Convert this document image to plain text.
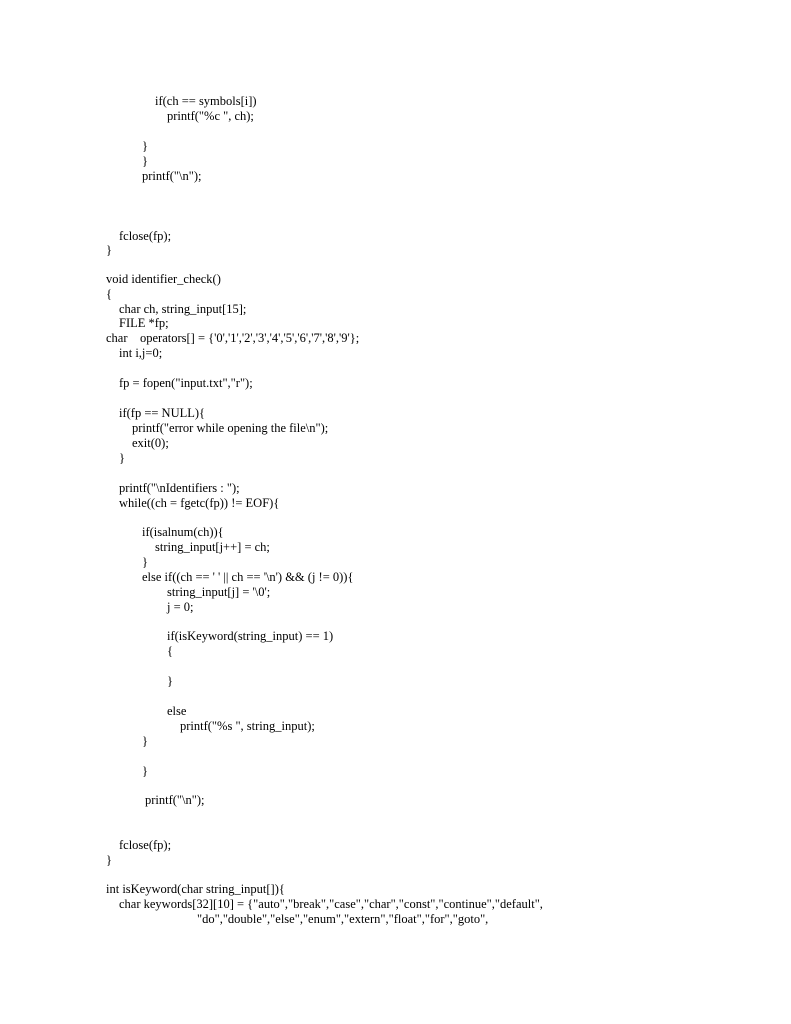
if(ch == symbols[i])
printf("%c ", ch);
}
}
printf("\n");
fclose(fp);
}
void identifier_check()
{
char ch, string_input[15];
FILE *fp;
char    operators[] = {'0','1','2','3','4','5','6','7','8','9'};
int i,j=0;
fp = fopen("input.txt","r");
if(fp == NULL){
printf("error while opening the file\n");
exit(0);
}
printf("\nIdentifiers : ");
while((ch = fgetc(fp)) != EOF){
if(isalnum(ch)){
string_input[j++] = ch;
}
else if((ch == ' ' || ch == '\n') && (j != 0)){
string_input[j] = '\0';
j = 0;
if(isKeyword(string_input) == 1)
{
}
else
printf("%s ", string_input);
}
}
printf("\n");
fclose(fp);
}
int isKeyword(char string_input[]){
char keywords[32][10] = {"auto","break","case","char","const","continue","default",
"do","double","else","enum","extern","float","for","goto",
